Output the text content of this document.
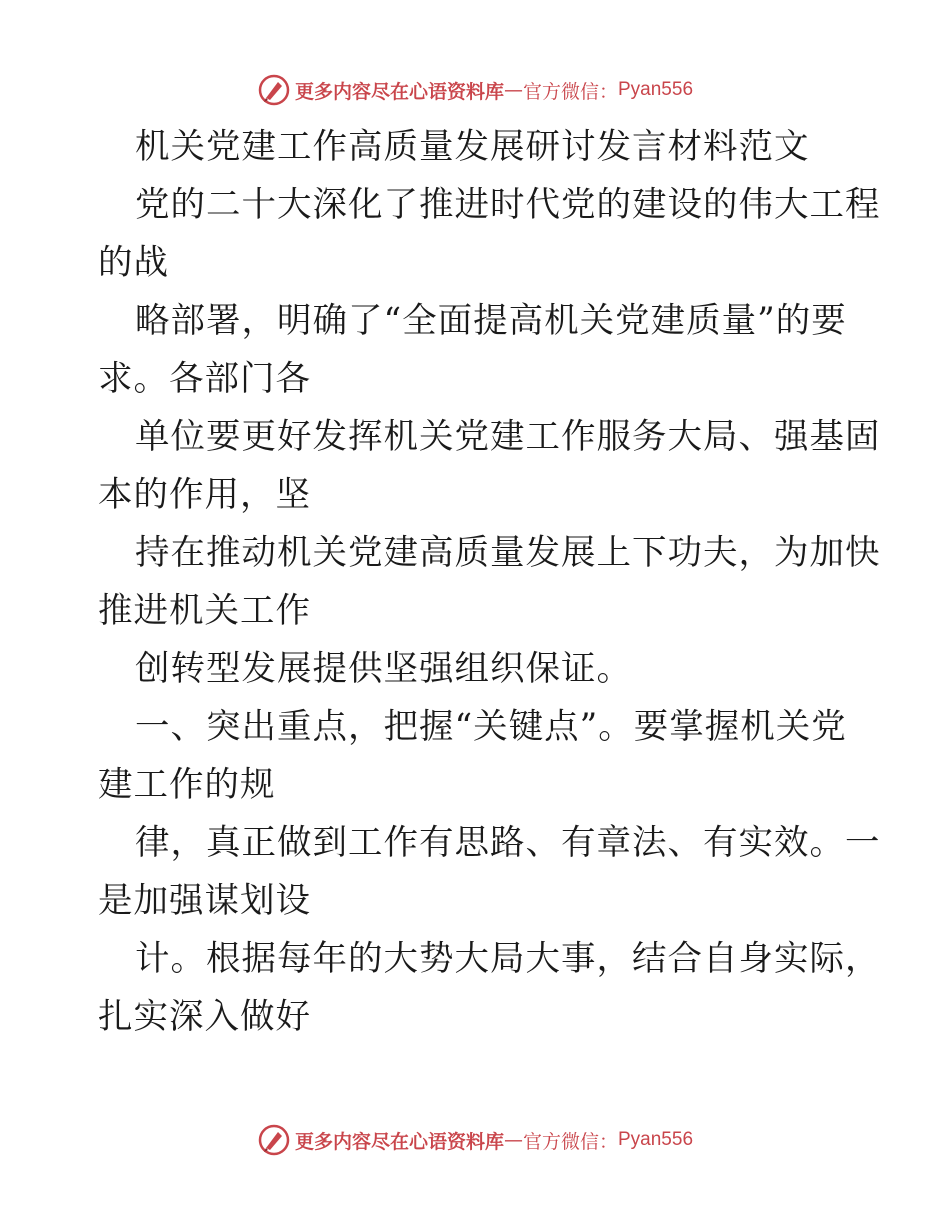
更多内容尽在心语资料库 — 官方微信： Pyan556
机关党建工作高质量发展研讨发言材料范文
党的二十大深化了推进时代党的建设的伟大工程
的战
略部署，明确了“全面提高机关党建质量”的要
求。各部门各
单位要更好发挥机关党建工作服务大局、强基固
本的作用，坚
持在推动机关党建高质量发展上下功夫，为加快
推进机关工作
创转型发展提供坚强组织保证。
一、突出重点，把握“关键点”。要掌握机关党
建工作的规
律，真正做到工作有思路、有章法、有实效。一
是加强谋划设
计。根据每年的大势大局大事，结合自身实际，
扎实深入做好
更多内容尽在心语资料库 — 官方微信： Pyan556
